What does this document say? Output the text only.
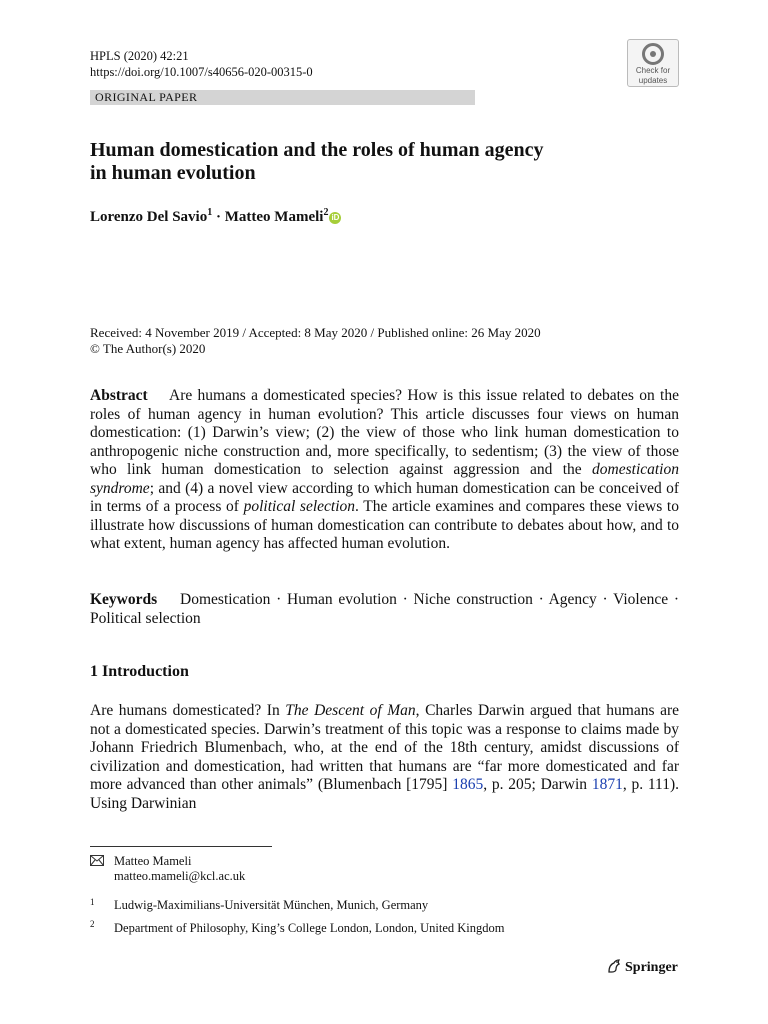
HPLS (2020) 42:21
https://doi.org/10.1007/s40656-020-00315-0	Check for
updates
ORIGINAL PAPER
Human domestication and the roles of human agency
in human evolution
Lorenzo Del Savio$^1$ · Matteo Mameli$^2$ iD
Received: 4 November 2019 / Accepted: 8 May 2020 / Published online: 26 May 2020
© The Author(s) 2020
Abstract Are humans a domesticated species? How is this issue related to debates on the roles of human agency in human evolution? This article discusses four views on human domestication: (1) Darwin’s view; (2) the view of those who link human domestication to anthropogenic niche construction and, more specifically, to sedentism; (3) the view of those who link human domestication to selection against aggression and the domestication syndrome; and (4) a novel view according to which human domestication can be conceived of in terms of a process of political selection. The article examines and compares these views to illustrate how discussions of human domestication can contribute to debates about how, and to what extent, human agency has affected human evolution.
Keywords Domestication · Human evolution · Niche construction · Agency · Violence · Political selection
1 Introduction
Are humans domesticated? In The Descent of Man, Charles Darwin argued that humans are not a domesticated species. Darwin’s treatment of this topic was a response to claims made by Johann Friedrich Blumenbach, who, at the end of the 18th century, amidst discussions of civilization and domestication, had written that humans are “far more domesticated and far more advanced than other animals” (Blumenbach [1795] 1865, p. 205; Darwin 1871, p. 111). Using Darwinian
Matteo Mameli
matteo.mameli@kcl.ac.uk
1 Ludwig-Maximilians-Universität München, Munich, Germany
2 Department of Philosophy, King’s College London, London, United Kingdom
Springer
